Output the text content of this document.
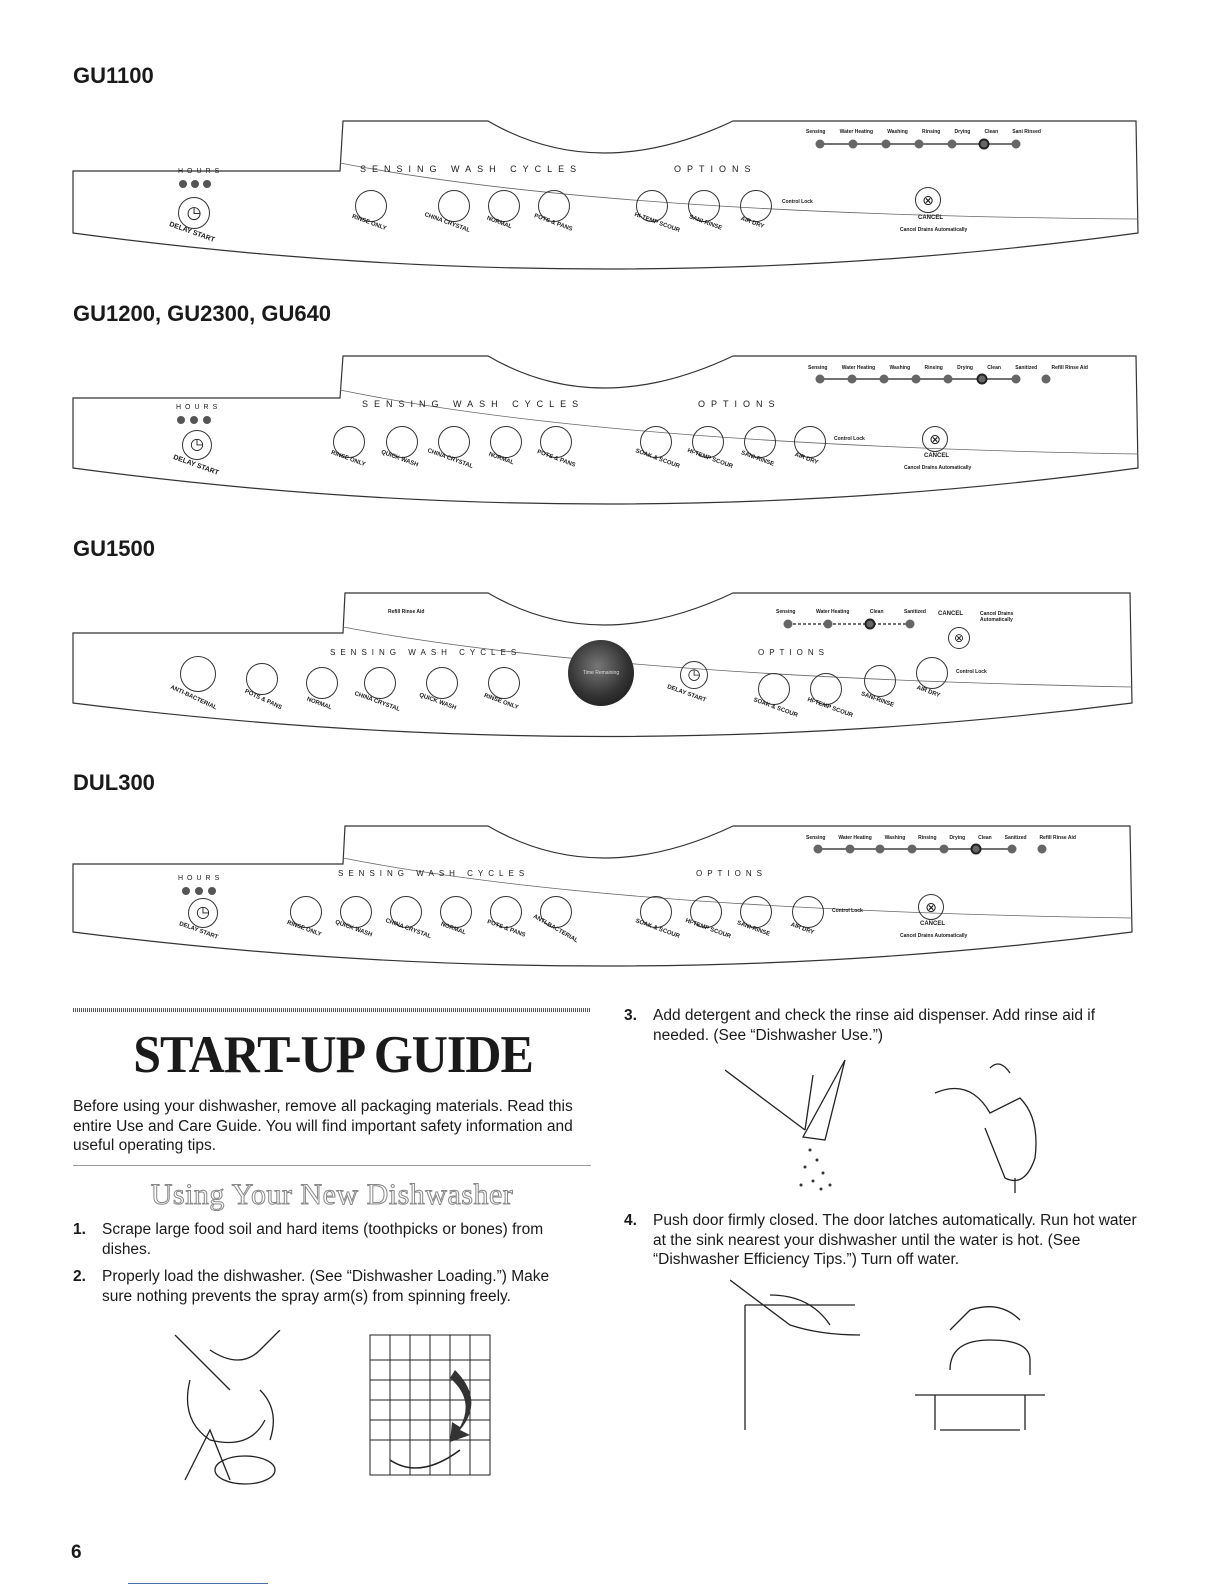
GU1100
GU1200, GU2300, GU640
GU1500
DUL300
HOURS	SENSING WASH CYCLES	OPTIONS
◷
DELAY START	RINSE ONLY	CHINA CRYSTAL	NORMAL	POTS & PANS	HI-TEMP SCOUR SANI-RINSE	AIR DRY
Control Lock
Sensing	Water Heating	Washing	Rinsing	Drying	Clean	Sani Rinsed
⊗
CANCEL
Cancel Drains Automatically
HOURS	SENSING WASH CYCLES	OPTIONS
◷
DELAY START	RINSE ONLY QUICK WASH CHINA CRYSTAL NORMAL	POTS & PANS	SOAK & SCOUR HI-TEMP SCOUR SANI-RINSE	AIR DRY
Control Lock
Sensing	Water Heating	Washing	Rinsing	Drying	Clean	Sanitized	Refill Rinse Aid
⊗
CANCEL
Cancel Drains Automatically
Refill Rinse Aid
SENSING WASH CYCLES	OPTIONS
ANTI-BACTERIAL	POTS & PANS	NORMAL	CHINA CRYSTAL	QUICK WASH	RINSE ONLY
Time Remaining	◷
DELAY START
SOAK & SCOUR HI-TEMP SCOUR SANI-RINSE	AIR DRY
Control Lock
Sensing	Water Heating	Clean	Sanitized
⊗
CANCEL	Cancel Drains Automatically
HOURS
SENSING WASH CYCLES	OPTIONS
◷
DELAY START	RINSE ONLY QUICK WASH CHINA CRYSTAL NORMAL	POTS & PANS ANTI-BACTERIAL	SOAK & SCOUR HI-TEMP SCOUR SANI-RINSE	AIR DRY
Control Lock
Sensing	Water Heating	Washing	Rinsing	Drying	Clean	Sanitized	Refill Rinse Aid
⊗
CANCEL
Cancel Drains Automatically
START-UP GUIDE
Before using your dishwasher, remove all packaging materials. Read this entire Use and Care Guide. You will find important safety information and useful operating tips.
Using Your New Dishwasher
1. Scrape large food soil and hard items (toothpicks or bones) from dishes.
2. Properly load the dishwasher. (See “Dishwasher Loading.”) Make sure nothing prevents the spray arm(s) from spinning freely.
3. Add detergent and check the rinse aid dispenser. Add rinse aid if needed. (See “Dishwasher Use.”)
4. Push door firmly closed. The door latches automatically. Run hot water at the sink nearest your dishwasher until the water is hot. (See “Dishwasher Efficiency Tips.”) Turn off water.
6
